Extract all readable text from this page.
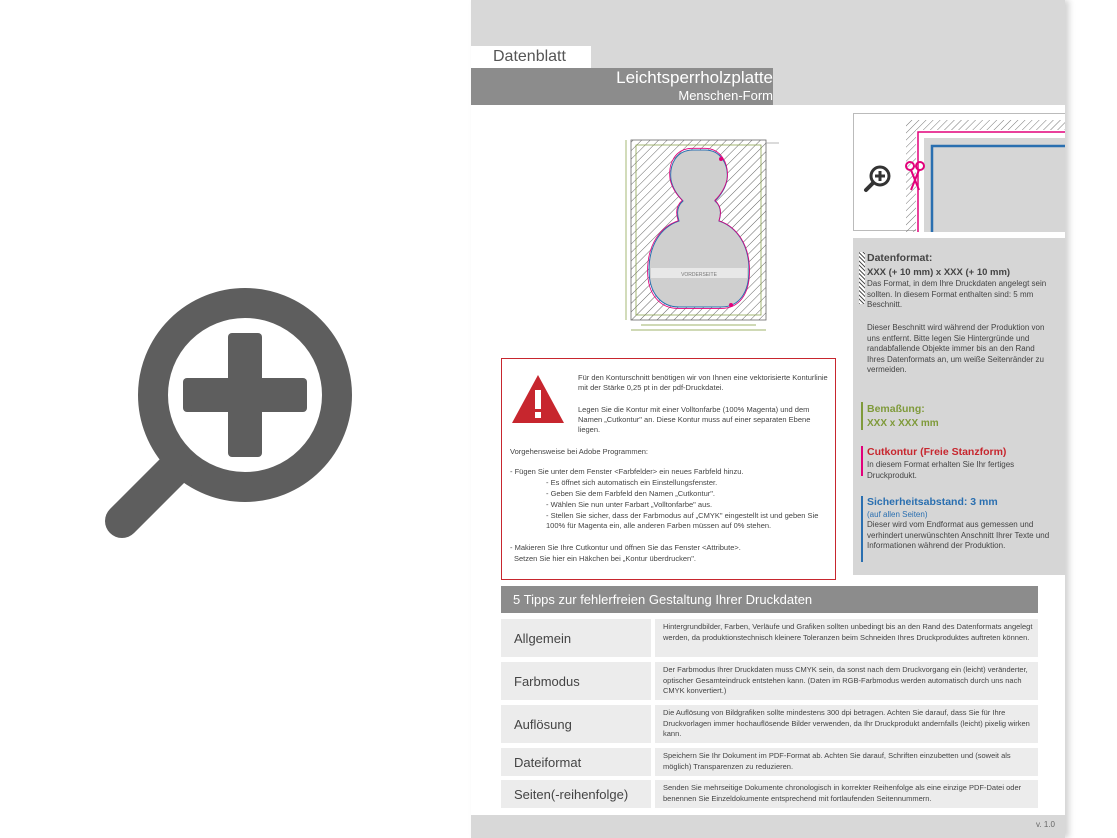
Datenblatt
Leichtsperrholzplatte
Menschen-Form
VORDERSEITE

Für den Konturschnitt benötigen wir von Ihnen eine vektorisierte Konturlinie mit der Stärke 0,25 pt in der pdf-Druckdatei.

Legen Sie die Kontur mit einer Volltonfarbe (100% Magenta) und dem Namen „Cutkontur" an. Diese Kontur muss auf einer separaten Ebene liegen.

Vorgehensweise bei Adobe Programmen:

- Fügen Sie unter dem Fenster <Farbfelder> ein neues Farbfeld hinzu.

- Es öffnet sich automatisch ein Einstellungsfenster.

- Geben Sie dem Farbfeld den Namen „Cutkontur".

- Wählen Sie nun unter Farbart „Volltonfarbe" aus.

- Stellen Sie sicher, dass der Farbmodus auf „CMYK" eingestellt ist und geben Sie 100% für Magenta ein, alle anderen Farben müssen auf 0% stehen.

- Makieren Sie Ihre Cutkontur und öffnen Sie das Fenster <Attribute>.

Setzen Sie hier ein Häkchen bei „Kontur überdrucken".

Datenformat:
XXX (+ 10 mm) x XXX (+ 10 mm)
Das Format, in dem Ihre Druckdaten angelegt sein sollten. In diesem Format enthalten sind: 5 mm Beschnitt.
Dieser Beschnitt wird während der Produktion von uns entfernt. Bitte legen Sie Hintergründe und randabfallende Objekte immer bis an den Rand Ihres Datenformats an, um weiße Seitenränder zu vermeiden.
Bemaßung:
XXX x XXX mm
Cutkontur (Freie Stanzform)
In diesem Format erhalten Sie Ihr fertiges Druckprodukt.
Sicherheitsabstand: 3 mm
(auf allen Seiten)
Dieser wird vom Endformat aus gemessen und verhindert unerwünschten Anschnitt Ihrer Texte und Informationen während der Produktion.
5 Tipps zur fehlerfreien Gestaltung Ihrer Druckdaten
Allgemein
Hintergrundbilder, Farben, Verläufe und Grafiken sollten unbedingt bis an den Rand des Datenformats angelegt werden, da produktionstechnisch kleinere Toleranzen beim Schneiden Ihres Druckproduktes auftreten können.
Farbmodus
Der Farbmodus Ihrer Druckdaten muss CMYK sein, da sonst nach dem Druckvorgang ein (leicht) veränderter, optischer Gesamteindruck entstehen kann. (Daten im RGB-Farbmodus werden automatisch durch uns nach CMYK konvertiert.)
Auflösung
Die Auflösung von Bildgrafiken sollte mindestens 300 dpi betragen. Achten Sie darauf, dass Sie für Ihre Druckvorlagen immer hochauflösende Bilder verwenden, da Ihr Druckprodukt andernfalls (leicht) pixelig wirken kann.
Dateiformat	Speichern Sie Ihr Dokument im PDF-Format ab. Achten Sie darauf, Schriften einzubetten und (soweit als möglich) Transparenzen zu reduzieren.
Seiten(-reihenfolge)	Senden Sie mehrseitige Dokumente chronologisch in korrekter Reihenfolge als eine einzige PDF-Datei oder benennen Sie Einzeldokumente entsprechend mit fortlaufenden Seitennummern.
v. 1.0
